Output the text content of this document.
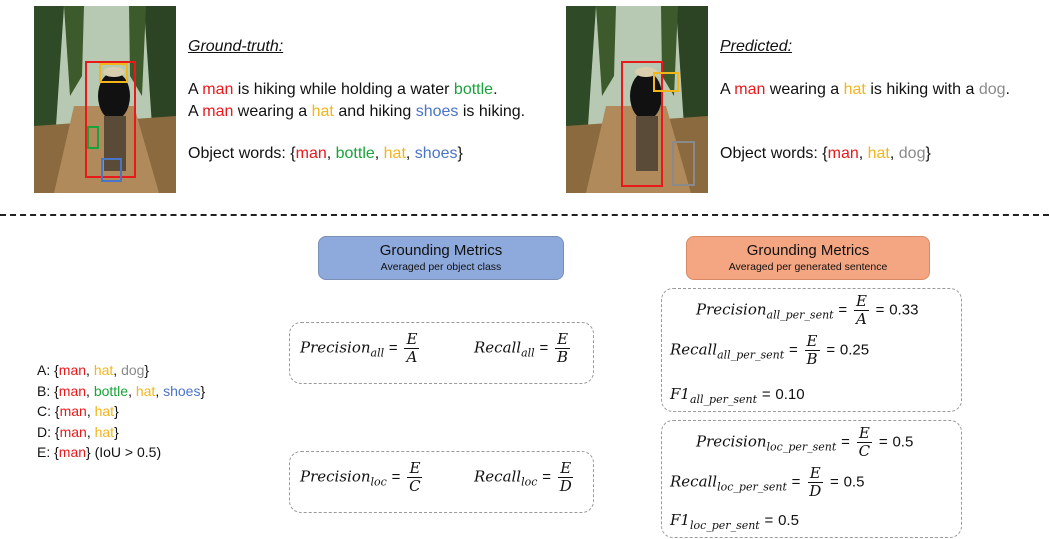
Ground-truth:
A man is hiking while holding a water bottle.
A man wearing a hat and hiking shoes is hiking.
Object words: {man, bottle, hat, shoes}
Predicted:
A man wearing a hat is hiking with a dog.
Object words: {man, hat, dog}
A: {man, hat, dog}
B: {man, bottle, hat, shoes}
C: {man, hat}
D: {man, hat}
E: {man} (IoU > 0.5)
Grounding Metrics
Averaged per object class
Grounding Metrics
Averaged per generated sentence
Precision$_{all}$ = $\frac{E}{A}$	Recall$_{all}$ = $\frac{E}{B}$
Precision$_{loc}$ = $\frac{E}{C}$	Recall$_{loc}$ = $\frac{E}{D}$
Precision$_{all\_per\_sent}$ = $\frac{E}{A} = 0.33$
Recall$_{all\_per\_sent}$ = $\frac{E}{B} = 0.25$
$F1_{all\_per\_sent} = 0.10$
Precision$_{loc\_per\_sent}$ = $\frac{E}{C} = 0.5$
Recall$_{loc\_per\_sent}$ = $\frac{E}{D} = 0.5$
$F1_{loc\_per\_sent} = 0.5$
